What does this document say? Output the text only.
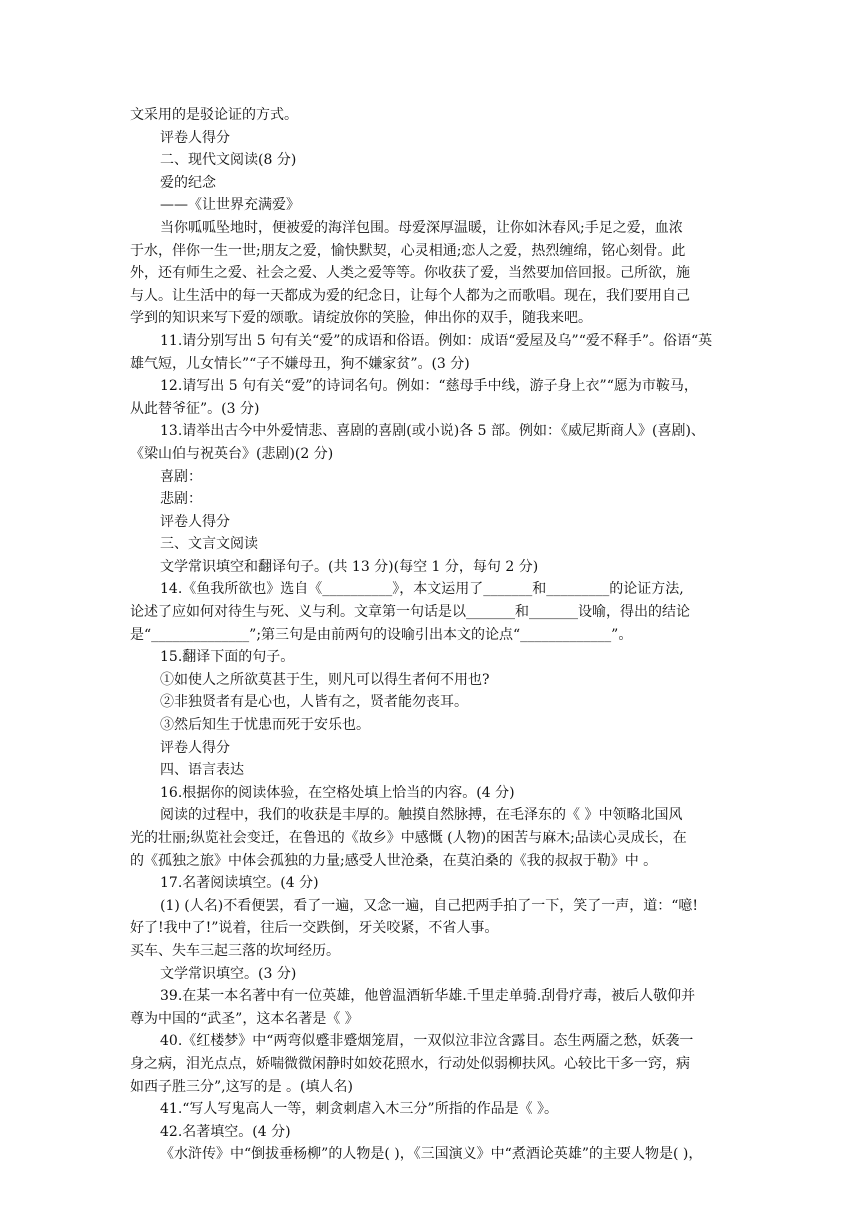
文采用的是驳论证的方式。
评卷人得分
二、现代文阅读(8 分)
爱的纪念
——《让世界充满爱》
当你呱呱坠地时，便被爱的海洋包围。母爱深厚温暖，让你如沐春风;手足之爱，血浓
于水，伴你一生一世;朋友之爱，愉快默契，心灵相通;恋人之爱，热烈缠绵，铭心刻骨。此
外，还有师生之爱、社会之爱、人类之爱等等。你收获了爱，当然要加倍回报。己所欲，施
与人。让生活中的每一天都成为爱的纪念日，让每个人都为之而歌唱。现在，我们要用自己
学到的知识来写下爱的颂歌。请绽放你的笑脸，伸出你的双手，随我来吧。
11.请分别写出 5 句有关“爱”的成语和俗语。例如：成语“爱屋及乌”“爱不释手”。俗语“英
雄气短，儿女情长”“子不嫌母丑，狗不嫌家贫”。(3 分)
12.请写出 5 句有关“爱”的诗词名句。例如：“慈母手中线，游子身上衣”“愿为市鞍马，
从此替爷征”。(3 分)
13.请举出古今中外爱情悲、喜剧的喜剧(或小说)各 5 部。例如：《威尼斯商人》(喜剧)、
《梁山伯与祝英台》(悲剧)(2 分)
喜剧：
悲剧：
评卷人得分
三、文言文阅读
文学常识填空和翻译句子。(共 13 分)(每空 1 分，每句 2 分)
14.《鱼我所欲也》选自《__________》，本文运用了_______和_________的论证方法,
论述了应如何对待生与死、义与利。文章第一句话是以_______和_______设喻，得出的结论
是“______________”;第三句是由前两句的设喻引出本文的论点“_____________”。
15.翻译下面的句子。
①如使人之所欲莫甚于生，则凡可以得生者何不用也?
②非独贤者有是心也，人皆有之，贤者能勿丧耳。
③然后知生于忧患而死于安乐也。
评卷人得分
四、语言表达
16.根据你的阅读体验，在空格处填上恰当的内容。(4 分)
阅读的过程中，我们的收获是丰厚的。触摸自然脉搏，在毛泽东的《 》中领略北国风
光的壮丽;纵览社会变迁，在鲁迅的《故乡》中感慨 (人物)的困苦与麻木;品读心灵成长，在
的《孤独之旅》中体会孤独的力量;感受人世沧桑，在莫泊桑的《我的叔叔于勒》中 。
17.名著阅读填空。(4 分)
(1) (人名)不看便罢，看了一遍，又念一遍，自己把两手拍了一下，笑了一声，道：“噫!
好了!我中了!”说着，往后一交跌倒，牙关咬紧，不省人事。
买车、失车三起三落的坎坷经历。
文学常识填空。(3 分)
39.在某一本名著中有一位英雄，他曾温酒斩华雄.千里走单骑.刮骨疗毒，被后人敬仰并
尊为中国的“武圣”，这本名著是《 》
40.《红楼梦》中“两弯似蹙非蹙烟笼眉，一双似泣非泣含露目。态生两靥之愁，妖袭一
身之病，泪光点点，娇喘微微闲静时如姣花照水，行动处似弱柳扶风。心较比干多一窍，病
如西子胜三分”,这写的是 。(填人名)
41.“写人写鬼高人一等，刺贪刺虐入木三分”所指的作品是《 》。
42.名著填空。(4 分)
《水浒传》中“倒拔垂杨柳”的人物是( )，《三国演义》中“煮酒论英雄”的主要人物是( )，
